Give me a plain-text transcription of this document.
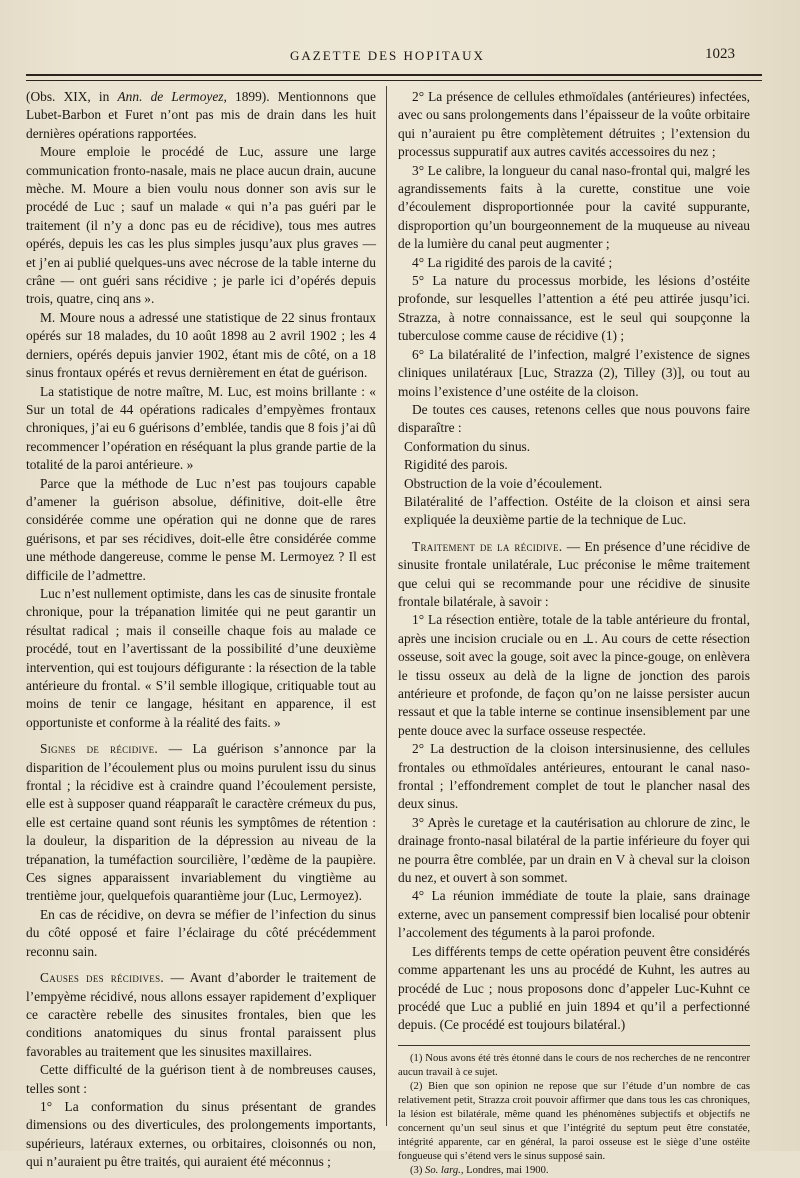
GAZETTE DES HOPITAUX	1023

(Obs. XIX, in Ann. de Lermoyez, 1899). Mentionnons que Lubet-Barbon et Furet n’ont pas mis de drain dans les huit dernières opérations rapportées.

Moure emploie le procédé de Luc, assure une large communication fronto-nasale, mais ne place aucun drain, aucune mèche. M. Moure a bien voulu nous donner son avis sur le procédé de Luc ; sauf un malade « qui n’a pas guéri par le traitement (il n’y a donc pas eu de récidive), tous mes autres opérés, depuis les cas les plus simples jusqu’aux plus graves — et j’en ai publié quelques-uns avec nécrose de la table interne du crâne — ont guéri sans récidive ; je parle ici d’opérés depuis trois, quatre, cinq ans ».

M. Moure nous a adressé une statistique de 22 sinus frontaux opérés sur 18 malades, du 10 août 1898 au 2 avril 1902 ; les 4 derniers, opérés depuis janvier 1902, étant mis de côté, on a 18 sinus frontaux opérés et revus dernièrement en état de guérison.

La statistique de notre maître, M. Luc, est moins brillante : « Sur un total de 44 opérations radicales d’empyèmes frontaux chroniques, j’ai eu 6 guérisons d’emblée, tandis que 8 fois j’ai dû recommencer l’opération en réséquant la plus grande partie de la totalité de la paroi antérieure. »

Parce que la méthode de Luc n’est pas toujours capable d’amener la guérison absolue, définitive, doit-elle être considérée comme une opération qui ne donne que de rares guérisons, et par ses récidives, doit-elle être considérée comme une méthode dangereuse, comme le pense M. Lermoyez ? Il est difficile de l’admettre.

Luc n’est nullement optimiste, dans les cas de sinusite frontale chronique, pour la trépanation limitée qui ne peut garantir un résultat radical ; mais il conseille chaque fois au malade ce procédé, tout en l’avertissant de la possibilité d’une deuxième intervention, qui est toujours défigurante : la résection de la table antérieure du frontal. « S’il semble illogique, critiquable tout au moins de tenir ce langage, hésitant en apparence, il est opportuniste et conforme à la réalité des faits. »

Signes de récidive. — La guérison s’annonce par la disparition de l’écoulement plus ou moins purulent issu du sinus frontal ; la récidive est à craindre quand l’écoulement persiste, elle est à supposer quand réapparaît le caractère crémeux du pus, elle est certaine quand sont réunis les symptômes de rétention : la douleur, la disparition de la dépression au niveau de la trépanation, la tuméfaction sourcilière, l’œdème de la paupière. Ces signes apparaissent invariablement du vingtième au trentième jour, quelquefois quarantième jour (Luc, Lermoyez).

En cas de récidive, on devra se méfier de l’infection du sinus du côté opposé et faire l’éclairage du côté précédemment reconnu sain.

Causes des récidives. — Avant d’aborder le traitement de l’empyème récidivé, nous allons essayer rapidement d’expliquer ce caractère rebelle des sinusites frontales, bien que les conditions anatomiques du sinus frontal paraissent plus favorables au traitement que les sinusites maxillaires.

Cette difficulté de la guérison tient à de nombreuses causes, telles sont :

1° La conformation du sinus présentant de grandes dimensions ou des diverticules, des prolongements importants, supérieurs, latéraux externes, ou orbitaires, cloisonnés ou non, qui n’auraient pu être traités, qui auraient été méconnus ;

2° La présence de cellules ethmoïdales (antérieures) infectées, avec ou sans prolongements dans l’épaisseur de la voûte orbitaire qui n’auraient pu être complètement détruites ; l’extension du processus suppuratif aux autres cavités accessoires du nez ;

3° Le calibre, la longueur du canal naso-frontal qui, malgré les agrandissements faits à la curette, constitue une voie d’écoulement disproportionnée pour la cavité suppurante, disproportion qu’un bourgeonnement de la muqueuse au niveau de la lumière du canal peut augmenter ;

4° La rigidité des parois de la cavité ;

5° La nature du processus morbide, les lésions d’ostéite profonde, sur lesquelles l’attention a été peu attirée jusqu’ici. Strazza, à notre connaissance, est le seul qui soupçonne la tuberculose comme cause de récidive (1) ;

6° La bilatéralité de l’infection, malgré l’existence de signes cliniques unilatéraux [Luc, Strazza (2), Tilley (3)], ou tout au moins l’existence d’une ostéite de la cloison.

De toutes ces causes, retenons celles que nous pouvons faire disparaître :

Conformation du sinus.

Rigidité des parois.

Obstruction de la voie d’écoulement.

Bilatéralité de l’affection. Ostéite de la cloison et ainsi sera expliquée la deuxième partie de la technique de Luc.

Traitement de la récidive. — En présence d’une récidive de sinusite frontale unilatérale, Luc préconise le même traitement que celui qui se recommande pour une récidive de sinusite frontale bilatérale, à savoir :

1° La résection entière, totale de la table antérieure du frontal, après une incision cruciale ou en ⊥. Au cours de cette résection osseuse, soit avec la gouge, soit avec la pince-gouge, on enlèvera le tissu osseux au delà de la ligne de jonction des parois antérieure et profonde, de façon qu’on ne laisse persister aucun ressaut et que la table interne se continue insensiblement par une pente douce avec la surface osseuse respectée.

2° La destruction de la cloison intersinusienne, des cellules frontales ou ethmoïdales antérieures, entourant le canal naso-frontal ; l’effondrement complet de tout le plancher nasal des deux sinus.

3° Après le curetage et la cautérisation au chlorure de zinc, le drainage fronto-nasal bilatéral de la partie inférieure du foyer qui ne pourra être comblée, par un drain en V à cheval sur la cloison du nez, et ouvert à son sommet.

4° La réunion immédiate de toute la plaie, sans drainage externe, avec un pansement compressif bien localisé pour obtenir l’accolement des téguments à la paroi profonde.

Les différents temps de cette opération peuvent être considérés comme appartenant les uns au procédé de Kuhnt, les autres au procédé de Luc ; nous proposons donc d’appeler Luc-Kuhnt ce procédé que Luc a publié en juin 1894 et qu’il a perfectionné depuis. (Ce procédé est toujours bilatéral.)

(1) Nous avons été très étonné dans le cours de nos recherches de ne rencontrer aucun travail à ce sujet.

(2) Bien que son opinion ne repose que sur l’étude d’un nombre de cas relativement petit, Strazza croit pouvoir affirmer que dans tous les cas chroniques, la lésion est bilatérale, même quand les phénomènes subjectifs et objectifs ne concernent qu’un seul sinus et que l’intégrité du septum peut être constatée, intégrité apparente, car en général, la paroi osseuse est le siège d’une ostéite fongueuse qui s’étend vers le sinus supposé sain.

(3) So. larg., Londres, mai 1900.
